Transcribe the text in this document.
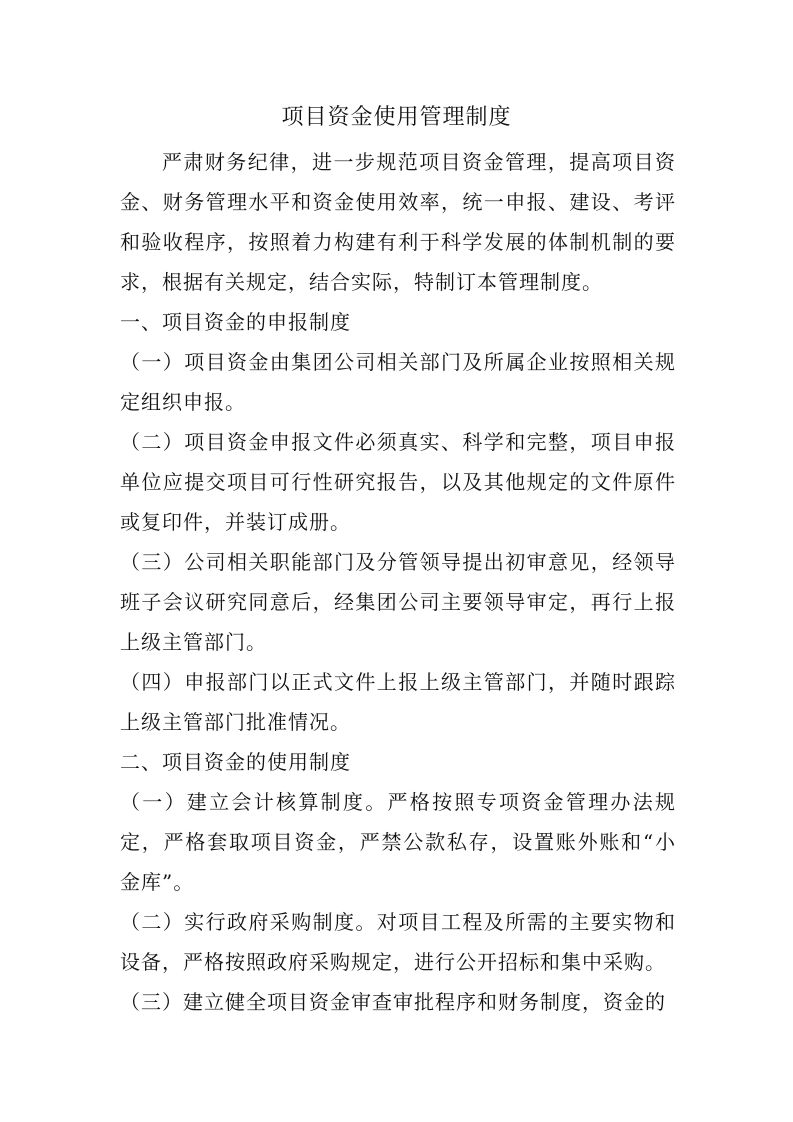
项目资金使用管理制度

严肃财务纪律，进一步规范项目资金管理，提高项目资金、财务管理水平和资金使用效率，统一申报、建设、考评和验收程序，按照着力构建有利于科学发展的体制机制的要求，根据有关规定，结合实际，特制订本管理制度。

一、项目资金的申报制度

（一）项目资金由集团公司相关部门及所属企业按照相关规定组织申报。

（二）项目资金申报文件必须真实、科学和完整，项目申报单位应提交项目可行性研究报告，以及其他规定的文件原件或复印件，并装订成册。

（三）公司相关职能部门及分管领导提出初审意见，经领导班子会议研究同意后，经集团公司主要领导审定，再行上报上级主管部门。

（四）申报部门以正式文件上报上级主管部门，并随时跟踪上级主管部门批准情况。

二、项目资金的使用制度

（一）建立会计核算制度。严格按照专项资金管理办法规定，严格套取项目资金，严禁公款私存，设置账外账和“小金库”。

（二）实行政府采购制度。对项目工程及所需的主要实物和设备，严格按照政府采购规定，进行公开招标和集中采购。

（三）建立健全项目资金审查审批程序和财务制度，资金的
